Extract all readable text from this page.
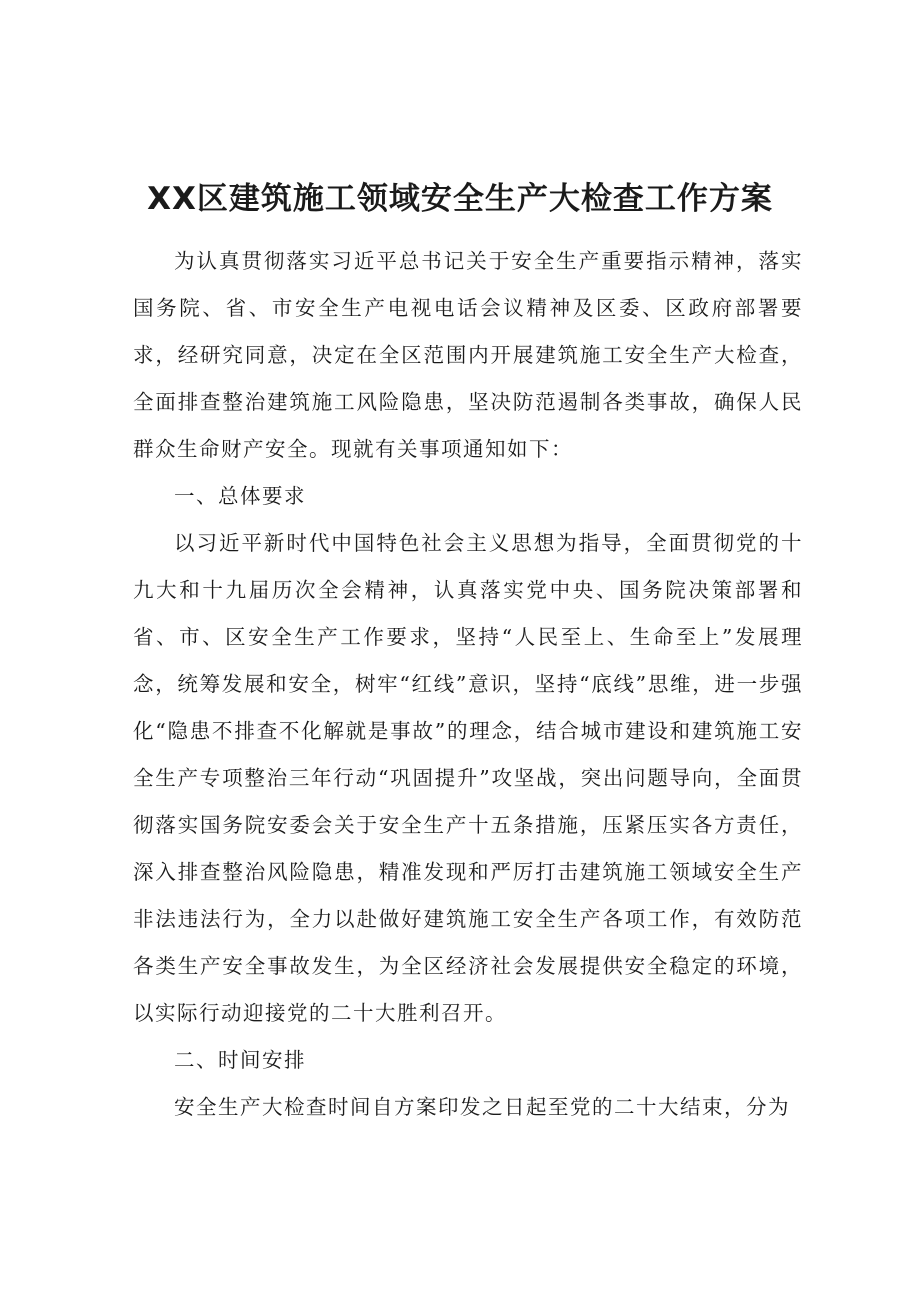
XX区建筑施工领域安全生产大检查工作方案

为认真贯彻落实习近平总书记关于安全生产重要指示精神，落实国务院、省、市安全生产电视电话会议精神及区委、区政府部署要求，经研究同意，决定在全区范围内开展建筑施工安全生产大检查，全面排查整治建筑施工风险隐患，坚决防范遏制各类事故，确保人民群众生命财产安全。现就有关事项通知如下：

一、总体要求

以习近平新时代中国特色社会主义思想为指导，全面贯彻党的十九大和十九届历次全会精神，认真落实党中央、国务院决策部署和省、市、区安全生产工作要求，坚持“人民至上、生命至上”发展理念，统筹发展和安全，树牢“红线”意识，坚持“底线”思维，进一步强化“隐患不排查不化解就是事故”的理念，结合城市建设和建筑施工安全生产专项整治三年行动“巩固提升”攻坚战，突出问题导向，全面贯彻落实国务院安委会关于安全生产十五条措施，压紧压实各方责任，深入排查整治风险隐患，精准发现和严厉打击建筑施工领域安全生产非法违法行为，全力以赴做好建筑施工安全生产各项工作，有效防范各类生产安全事故发生，为全区经济社会发展提供安全稳定的环境，以实际行动迎接党的二十大胜利召开。

二、时间安排

安全生产大检查时间自方案印发之日起至党的二十大结束，分为
